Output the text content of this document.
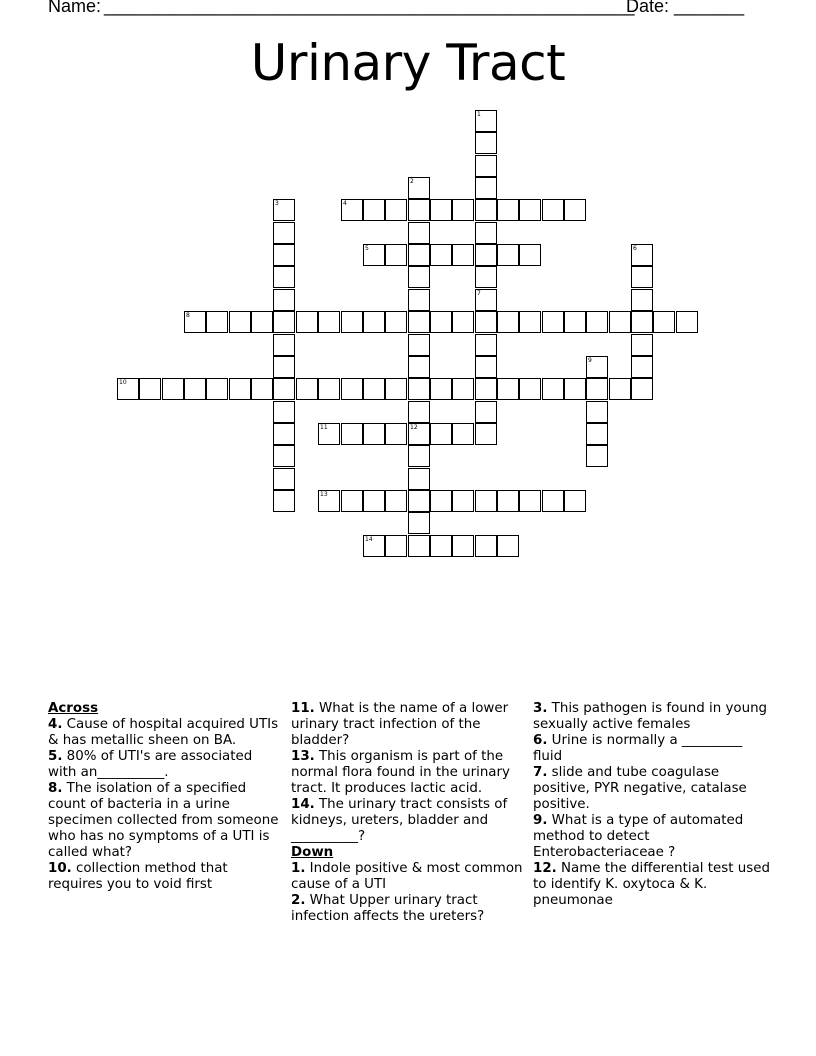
Name: _____________________________________________________
Date: _______
Urinary Tract
1
2
12
3	4
5	6
7
8
9
10
11
13
14
Across

4. Cause of hospital acquired UTIs & has metallic sheen on BA.

5. 80% of UTI's are associated with an__________.

8. The isolation of a specified count of bacteria in a urine specimen collected from someone who has no symptoms of a UTI is called what?

10. collection method that requires you to void first

11. What is the name of a lower urinary tract infection of the bladder?

13. This organism is part of the normal flora found in the urinary tract. It produces lactic acid.

14. The urinary tract consists of kidneys, ureters, bladder and __________?

Down

1. Indole positive & most common cause of a UTI

2. What Upper urinary tract infection affects the ureters?

3. This pathogen is found in young sexually active females

6. Urine is normally a _________ fluid

7. slide and tube coagulase positive, PYR negative, catalase positive.

9. What is a type of automated method to detect Enterobacteriaceae ?

12. Name the differential test used to identify K. oxytoca & K. pneumonae
